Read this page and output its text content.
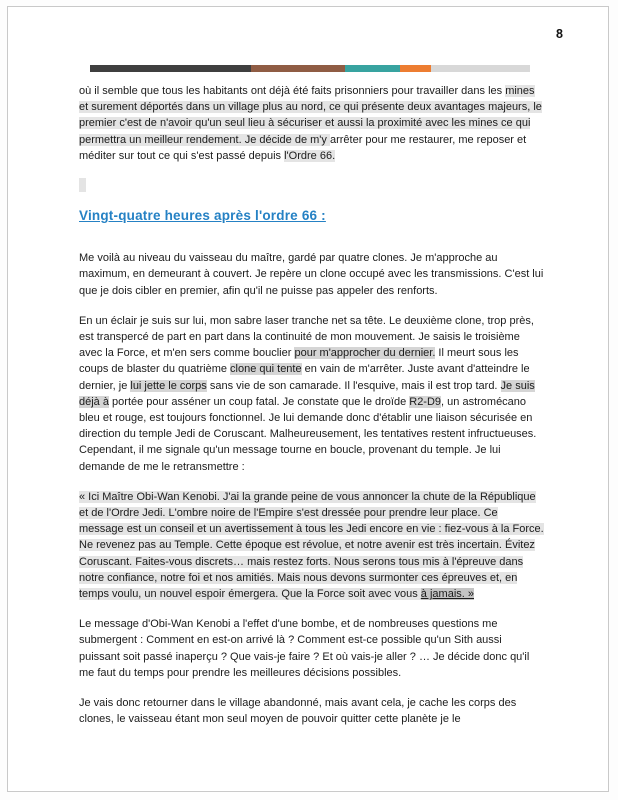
8

où il semble que tous les habitants ont déjà été faits prisonniers pour travailler dans les mines et surement déportés dans un village plus au nord, ce qui présente deux avantages majeurs, le premier c'est de n'avoir qu'un seul lieu à sécuriser et aussi la proximité avec les mines ce qui permettra un meilleur rendement. Je décide de m'y arrêter pour me restaurer, me reposer et méditer sur tout ce qui s'est passé depuis l'Ordre 66.

Vingt-quatre heures après l'ordre 66 :

Me voilà au niveau du vaisseau du maître, gardé par quatre clones. Je m'approche au maximum, en demeurant à couvert. Je repère un clone occupé avec les transmissions. C'est lui que je dois cibler en premier, afin qu'il ne puisse pas appeler des renforts.

En un éclair je suis sur lui, mon sabre laser tranche net sa tête. Le deuxième clone, trop près, est transpercé de part en part dans la continuité de mon mouvement. Je saisis le troisième avec la Force, et m'en sers comme bouclier pour m'approcher du dernier. Il meurt sous les coups de blaster du quatrième clone qui tente en vain de m'arrêter. Juste avant d'atteindre le dernier, je lui jette le corps sans vie de son camarade. Il l'esquive, mais il est trop tard. Je suis déjà à portée pour asséner un coup fatal. Je constate que le droïde R2-D9, un astromécano bleu et rouge, est toujours fonctionnel. Je lui demande donc d'établir une liaison sécurisée en direction du temple Jedi de Coruscant. Malheureusement, les tentatives restent infructueuses. Cependant, il me signale qu'un message tourne en boucle, provenant du temple. Je lui demande de me le retransmettre :

« Ici Maître Obi-Wan Kenobi. J'ai la grande peine de vous annoncer la chute de la République et de l'Ordre Jedi. L'ombre noire de l'Empire s'est dressée pour prendre leur place. Ce message est un conseil et un avertissement à tous les Jedi encore en vie : fiez-vous à la Force. Ne revenez pas au Temple. Cette époque est révolue, et notre avenir est très incertain. Évitez Coruscant. Faites-vous discrets… mais restez forts. Nous serons tous mis à l'épreuve dans notre confiance, notre foi et nos amitiés. Mais nous devons surmonter ces épreuves et, en temps voulu, un nouvel espoir émergera. Que la Force soit avec vous à jamais. »

Le message d'Obi-Wan Kenobi a l'effet d'une bombe, et de nombreuses questions me submergent : Comment en est-on arrivé là ? Comment est-ce possible qu'un Sith aussi puissant soit passé inaperçu ? Que vais-je faire ? Et où vais-je aller ? … Je décide donc qu'il me faut du temps pour prendre les meilleures décisions possibles.

Je vais donc retourner dans le village abandonné, mais avant cela, je cache les corps des clones, le vaisseau étant mon seul moyen de pouvoir quitter cette planète je le
